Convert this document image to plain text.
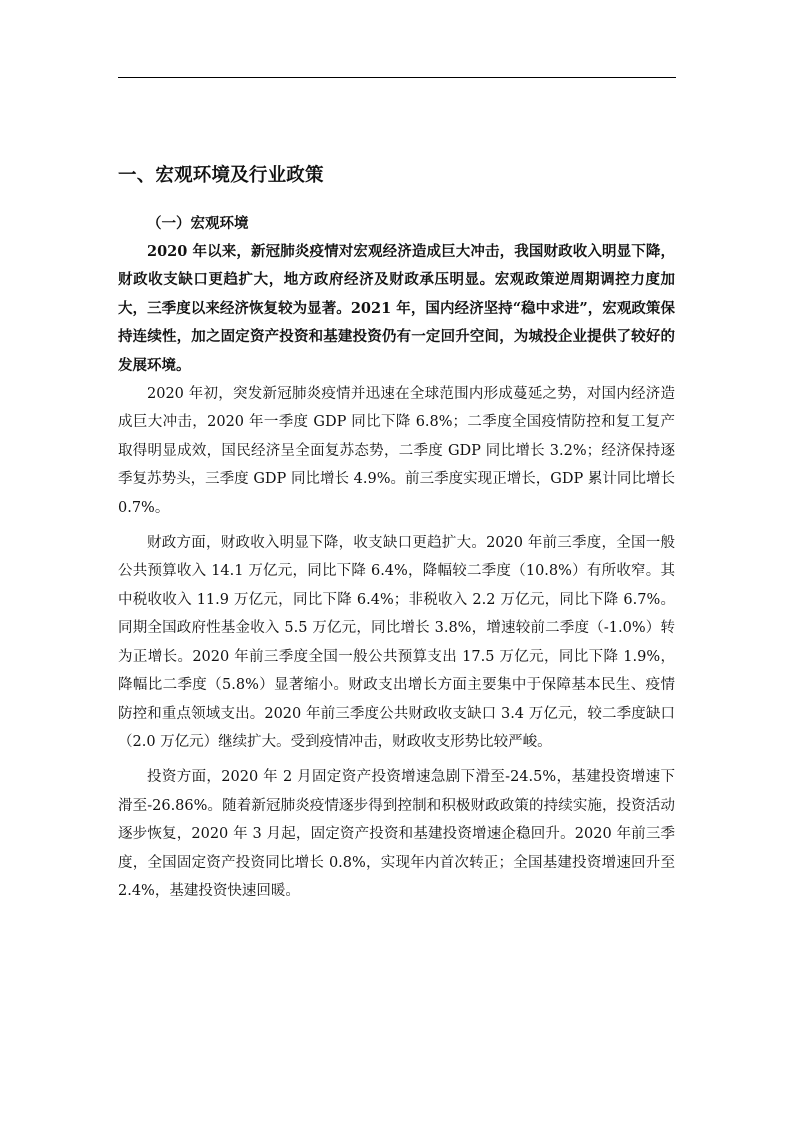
一、宏观环境及行业政策
（一）宏观环境

2020 年以来，新冠肺炎疫情对宏观经济造成巨大冲击，我国财政收入明显下降，财政收支缺口更趋扩大，地方政府经济及财政承压明显。宏观政策逆周期调控力度加大，三季度以来经济恢复较为显著。2021 年，国内经济坚持“稳中求进”，宏观政策保持连续性，加之固定资产投资和基建投资仍有一定回升空间，为城投企业提供了较好的发展环境。

2020 年初，突发新冠肺炎疫情并迅速在全球范围内形成蔓延之势，对国内经济造成巨大冲击，2020 年一季度 GDP 同比下降 6.8%；二季度全国疫情防控和复工复产取得明显成效，国民经济呈全面复苏态势，二季度 GDP 同比增长 3.2%；经济保持逐季复苏势头，三季度 GDP 同比增长 4.9%。前三季度实现正增长，GDP 累计同比增长 0.7%。

财政方面，财政收入明显下降，收支缺口更趋扩大。2020 年前三季度，全国一般公共预算收入 14.1 万亿元，同比下降 6.4%，降幅较二季度（10.8%）有所收窄。其中税收收入 11.9 万亿元，同比下降 6.4%；非税收入 2.2 万亿元，同比下降 6.7%。同期全国政府性基金收入 5.5 万亿元，同比增长 3.8%，增速较前二季度（-1.0%）转为正增长。2020 年前三季度全国一般公共预算支出 17.5 万亿元，同比下降 1.9%，降幅比二季度（5.8%）显著缩小。财政支出增长方面主要集中于保障基本民生、疫情防控和重点领域支出。2020 年前三季度公共财政收支缺口 3.4 万亿元，较二季度缺口（2.0 万亿元）继续扩大。受到疫情冲击，财政收支形势比较严峻。

投资方面，2020 年 2 月固定资产投资增速急剧下滑至-24.5%，基建投资增速下滑至-26.86%。随着新冠肺炎疫情逐步得到控制和积极财政政策的持续实施，投资活动逐步恢复，2020 年 3 月起，固定资产投资和基建投资增速企稳回升。2020 年前三季度，全国固定资产投资同比增长 0.8%，实现年内首次转正；全国基建投资增速回升至 2.4%，基建投资快速回暖。
